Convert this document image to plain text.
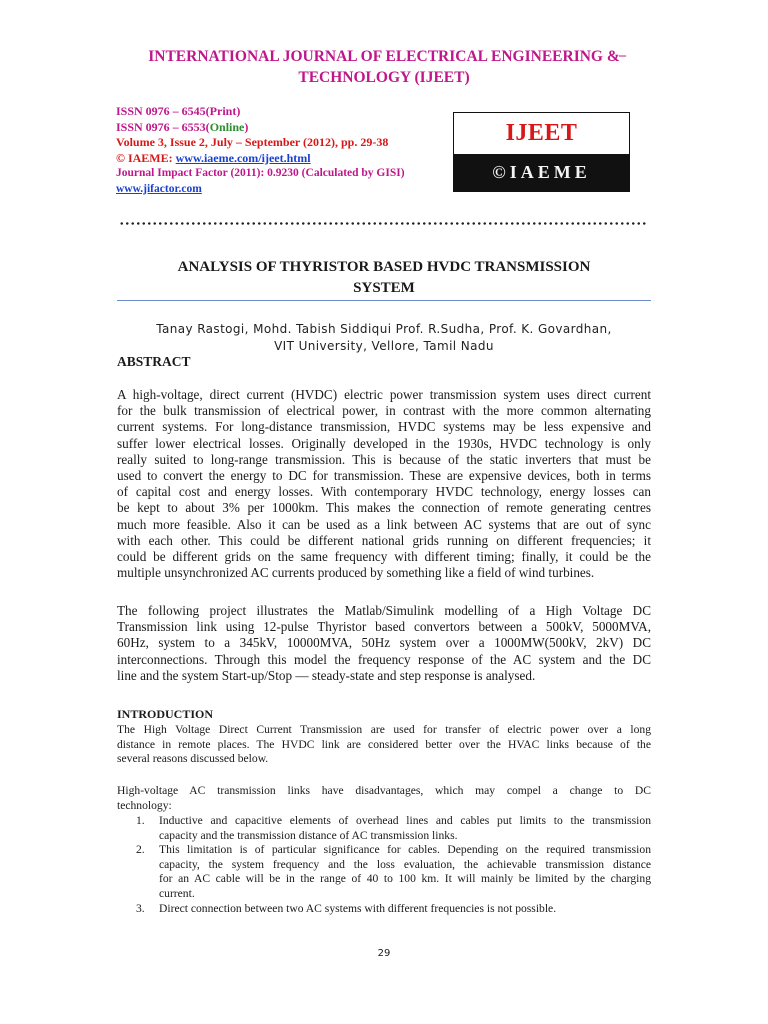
INTERNATIONAL JOURNAL OF ELECTRICAL ENGINEERING &
TECHNOLOGY (IJEET)
–
ISSN 0976 – 6545(Print)
ISSN 0976 – 6553(Online)
Volume 3, Issue 2, July – September (2012), pp. 29-38
© IAEME: www.iaeme.com/ijeet.html
Journal Impact Factor (2011): 0.9230 (Calculated by GISI)
www.jifactor.com
IJEET
©IAEME
ANALYSIS OF THYRISTOR BASED HVDC TRANSMISSION
SYSTEM
Tanay Rastogi, Mohd. Tabish Siddiqui Prof. R.Sudha, Prof. K. Govardhan,
VIT University, Vellore, Tamil Nadu
ABSTRACT
A high-voltage, direct current (HVDC) electric power transmission system uses direct current
for the bulk transmission of electrical power, in contrast with the more common alternating
current systems. For long-distance transmission, HVDC systems may be less expensive and
suffer lower electrical losses. Originally developed in the 1930s, HVDC technology is only
really suited to long-range transmission. This is because of the static inverters that must be
used to convert the energy to DC for transmission. These are expensive devices, both in terms
of capital cost and energy losses. With contemporary HVDC technology, energy losses can
be kept to about 3% per 1000km. This makes the connection of remote generating centres
much more feasible. Also it can be used as a link between AC systems that are out of sync
with each other. This could be different national grids running on different frequencies; it
could be different grids on the same frequency with different timing; finally, it could be the
multiple unsynchronized AC currents produced by something like a field of wind turbines.
The following project illustrates the Matlab/Simulink modelling of a High Voltage DC
Transmission link using 12-pulse Thyristor based convertors between a 500kV, 5000MVA,
60Hz, system to a 345kV, 10000MVA, 50Hz system over a 1000MW(500kV, 2kV) DC
interconnections. Through this model the frequency response of the AC system and the DC
line and the system Start-up/Stop — steady-state and step response is analysed.
INTRODUCTION
The High Voltage Direct Current Transmission are used for transfer of electric power over a long
distance in remote places. The HVDC link are considered better over the HVAC links because of the
several reasons discussed below.
High-voltage AC transmission links have disadvantages, which may compel a change to DC
technology:
1. Inductive and capacitive elements of overhead lines and cables put limits to the transmission
capacity and the transmission distance of AC transmission links.
2. This limitation is of particular significance for cables. Depending on the required transmission
capacity, the system frequency and the loss evaluation, the achievable transmission distance
for an AC cable will be in the range of 40 to 100 km. It will mainly be limited by the charging
current.
3. Direct connection between two AC systems with different frequencies is not possible.
29
